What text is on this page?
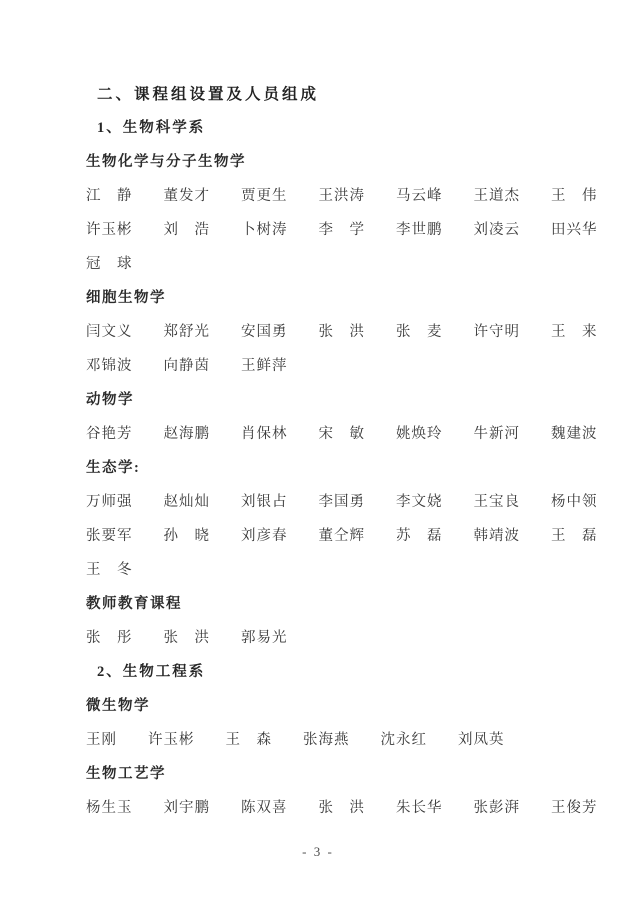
二、课程组设置及人员组成
1、生物科学系
生物化学与分子生物学
江　静　　董发才　　贾更生　　王洪涛　　马云峰　　王道杰　　王　伟
许玉彬　　刘　浩　　卜树涛　　李　学　　李世鹏　　刘凌云　　田兴华
冠　球
细胞生物学
闫文义　　郑舒光　　安国勇　　张　洪　　张　麦　　许守明　　王　来
邓锦波　　向静茵　　王鲜萍
动物学
谷艳芳　　赵海鹏　　肖保林　　宋　敏　　姚焕玲　　牛新河　　魏建波
生态学:
万师强　　赵灿灿　　刘银占　　李国勇　　李文娆　　王宝良　　杨中领
张要军　　孙　晓　　刘彦春　　董仝辉　　苏　磊　　韩靖波　　王　磊
王　冬
教师教育课程
张　彤　　张　洪　　郭易光
2、生物工程系
微生物学
王刚　　许玉彬　　王　森　　张海燕　　沈永红　　刘凤英
生物工艺学
杨生玉　　刘宇鹏　　陈双喜　　张　洪　　朱长华　　张彭湃　　王俊芳
- 3 -
